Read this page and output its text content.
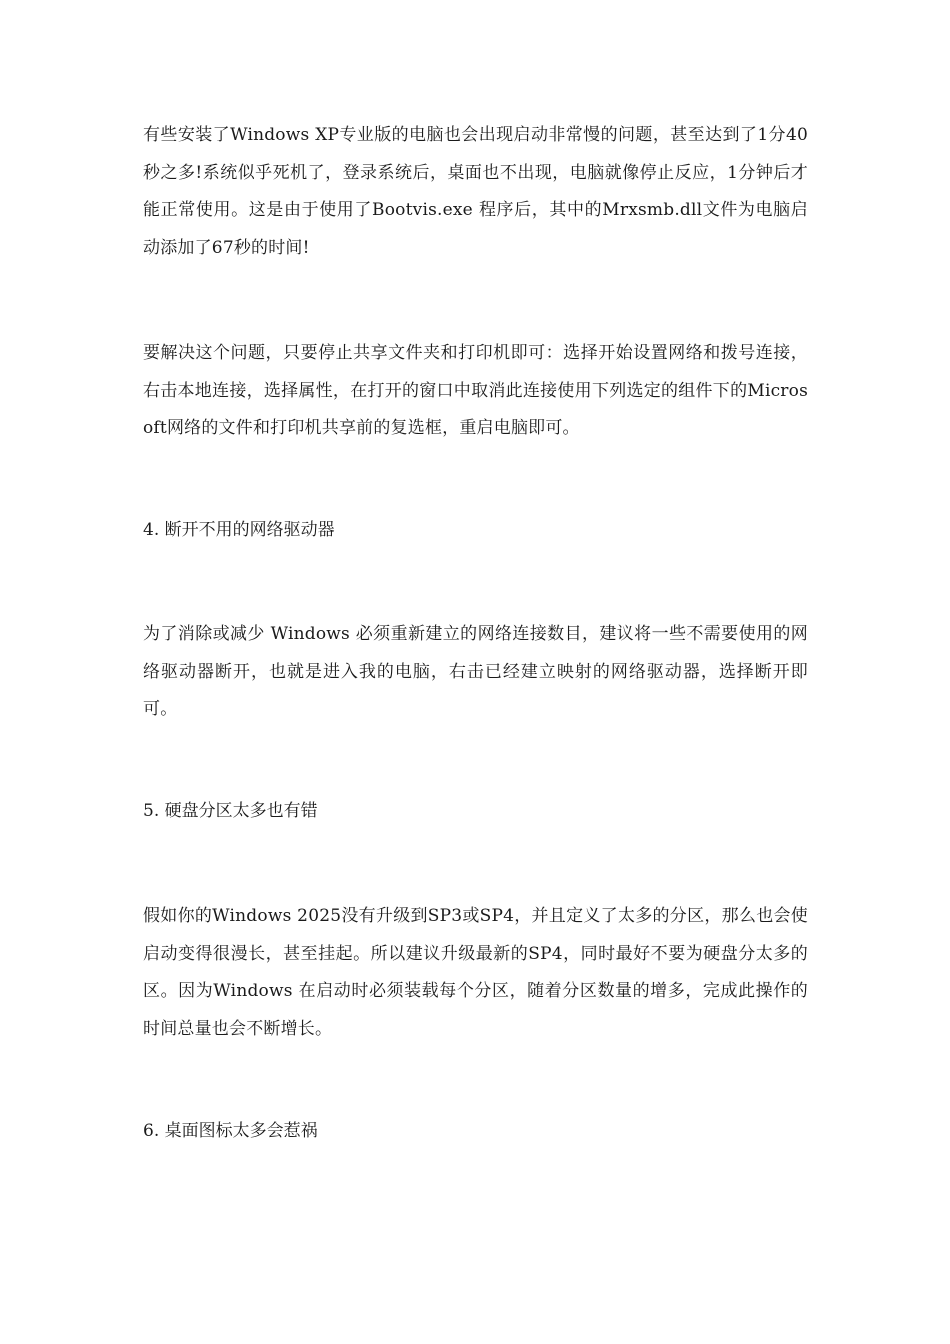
有些安装了Windows XP专业版的电脑也会出现启动非常慢的问题，甚至达到了1分40秒之多!系统似乎死机了，登录系统后，桌面也不出现，电脑就像停止反应，1分钟后才能正常使用。这是由于使用了Bootvis.exe 程序后，其中的Mrxsmb.dll文件为电脑启动添加了67秒的时间!
要解决这个问题，只要停止共享文件夹和打印机即可：选择开始设置网络和拨号连接，右击本地连接，选择属性，在打开的窗口中取消此连接使用下列选定的组件下的Microsoft网络的文件和打印机共享前的复选框，重启电脑即可。
4. 断开不用的网络驱动器
为了消除或减少 Windows 必须重新建立的网络连接数目，建议将一些不需要使用的网络驱动器断开，也就是进入我的电脑，右击已经建立映射的网络驱动器，选择断开即可。
5. 硬盘分区太多也有错
假如你的Windows 2025没有升级到SP3或SP4，并且定义了太多的分区，那么也会使启动变得很漫长，甚至挂起。所以建议升级最新的SP4，同时最好不要为硬盘分太多的区。因为Windows 在启动时必须装载每个分区，随着分区数量的增多，完成此操作的时间总量也会不断增长。
6. 桌面图标太多会惹祸
